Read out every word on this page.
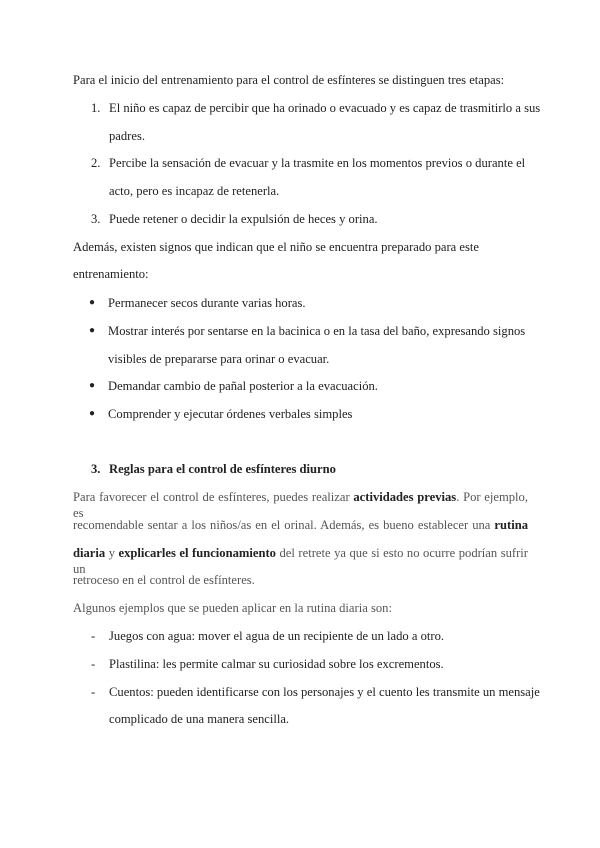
Para el inicio del entrenamiento para el control de esfínteres se distinguen tres etapas:
1. El niño es capaz de percibir que ha orinado o evacuado y es capaz de trasmitirlo a sus
padres.
2. Percibe la sensación de evacuar y la trasmite en los momentos previos o durante el
acto, pero es incapaz de retenerla.
3. Puede retener o decidir la expulsión de heces y orina.
Además, existen signos que indican que el niño se encuentra preparado para este
entrenamiento:
● Permanecer secos durante varias horas.
● Mostrar interés por sentarse en la bacinica o en la tasa del baño, expresando signos
visibles de prepararse para orinar o evacuar.
● Demandar cambio de pañal posterior a la evacuación.
● Comprender y ejecutar órdenes verbales simples
3. Reglas para el control de esfínteres diurno
Para favorecer el control de esfínteres, puedes realizar actividades previas. Por ejemplo, es
recomendable sentar a los niños/as en el orinal. Además, es bueno establecer una rutina
diaria y explicarles el funcionamiento del retrete ya que si esto no ocurre podrían sufrir un
retroceso en el control de esfínteres.
Algunos ejemplos que se pueden aplicar en la rutina diaria son:
- Juegos con agua: mover el agua de un recipiente de un lado a otro.
- Plastilina: les permite calmar su curiosidad sobre los excrementos.
- Cuentos: pueden identificarse con los personajes y el cuento les transmite un mensaje
complicado de una manera sencilla.
